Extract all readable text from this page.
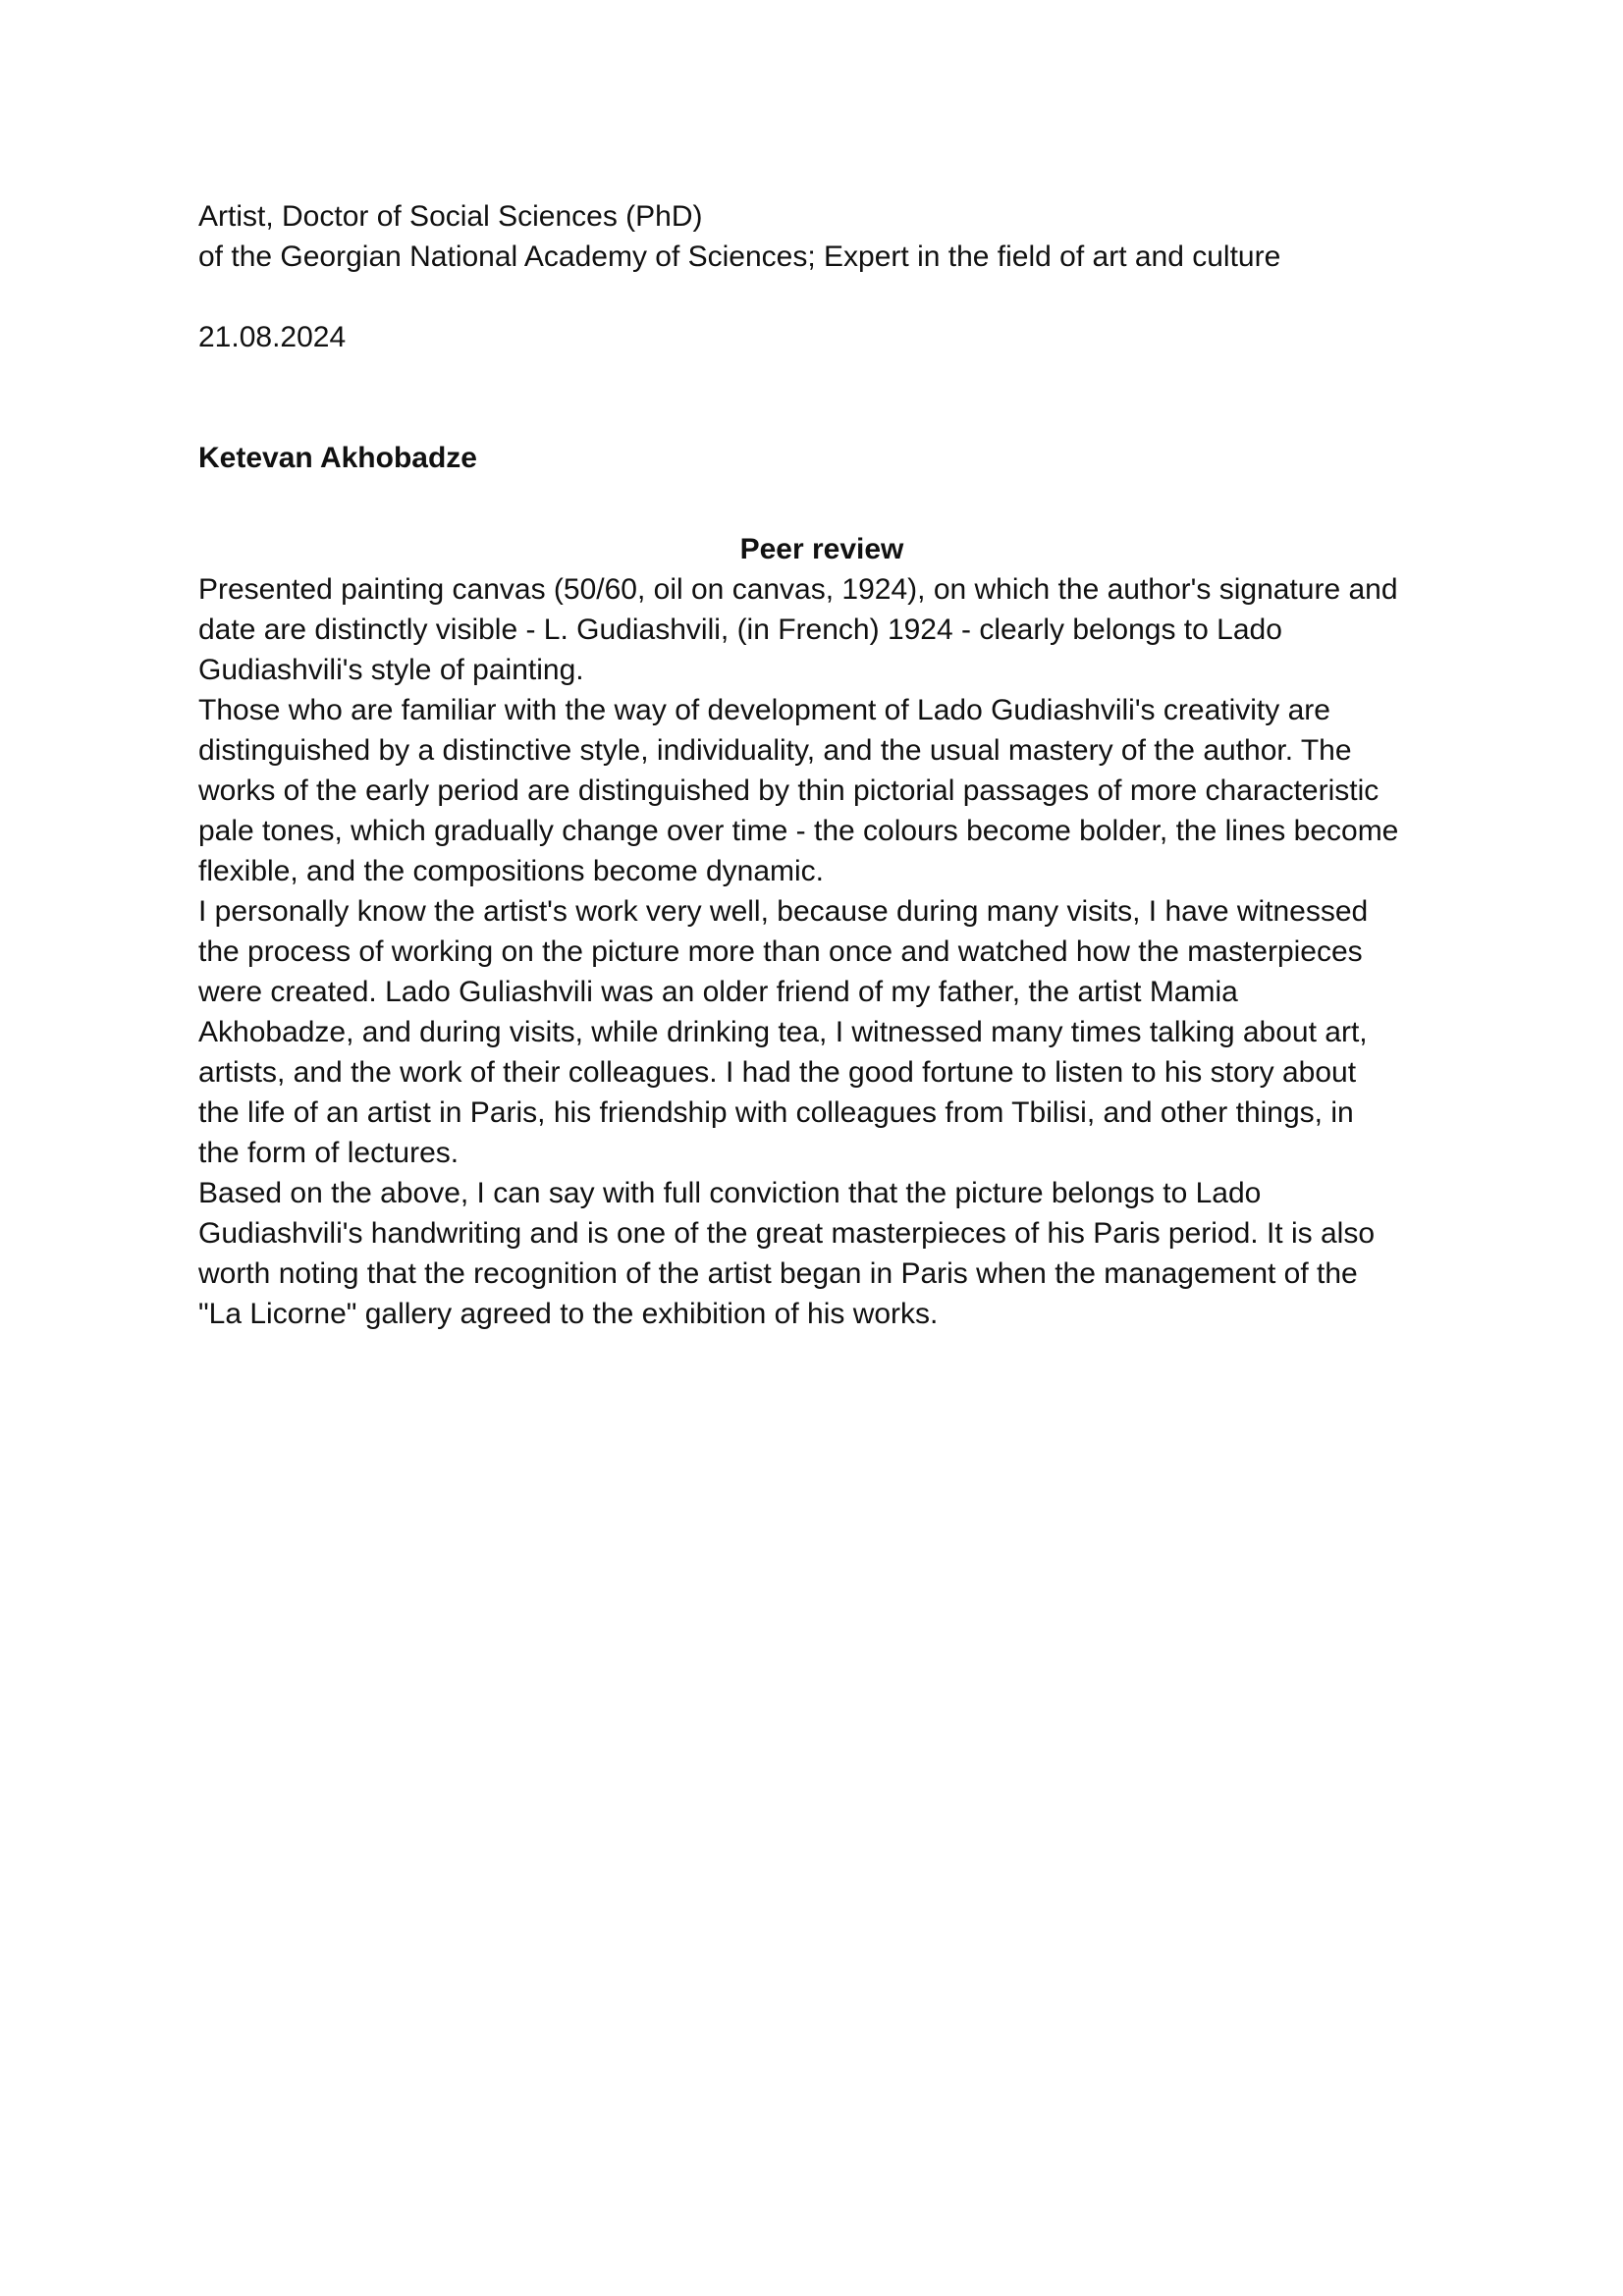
Artist, Doctor of Social Sciences (PhD)
of the Georgian National Academy of Sciences; Expert in the field of art and culture
21.08.2024
Ketevan Akhobadze
Peer review
Presented painting canvas (50/60, oil on canvas, 1924), on which the author's signature and
date are distinctly visible - L. Gudiashvili, (in French) 1924 - clearly belongs to Lado
Gudiashvili's style of painting.
Those who are familiar with the way of development of Lado Gudiashvili's creativity are
distinguished by a distinctive style, individuality, and the usual mastery of the author. The
works of the early period are distinguished by thin pictorial passages of more characteristic
pale tones, which gradually change over time - the colours become bolder, the lines become
flexible, and the compositions become dynamic.
I personally know the artist's work very well, because during many visits, I have witnessed
the process of working on the picture more than once and watched how the masterpieces
were created. Lado Guliashvili was an older friend of my father, the artist Mamia
Akhobadze, and during visits, while drinking tea, I witnessed many times talking about art,
artists, and the work of their colleagues. I had the good fortune to listen to his story about
the life of an artist in Paris, his friendship with colleagues from Tbilisi, and other things, in
the form of lectures.
Based on the above, I can say with full conviction that the picture belongs to Lado
Gudiashvili's handwriting and is one of the great masterpieces of his Paris period. It is also
worth noting that the recognition of the artist began in Paris when the management of the
"La Licorne" gallery agreed to the exhibition of his works.
